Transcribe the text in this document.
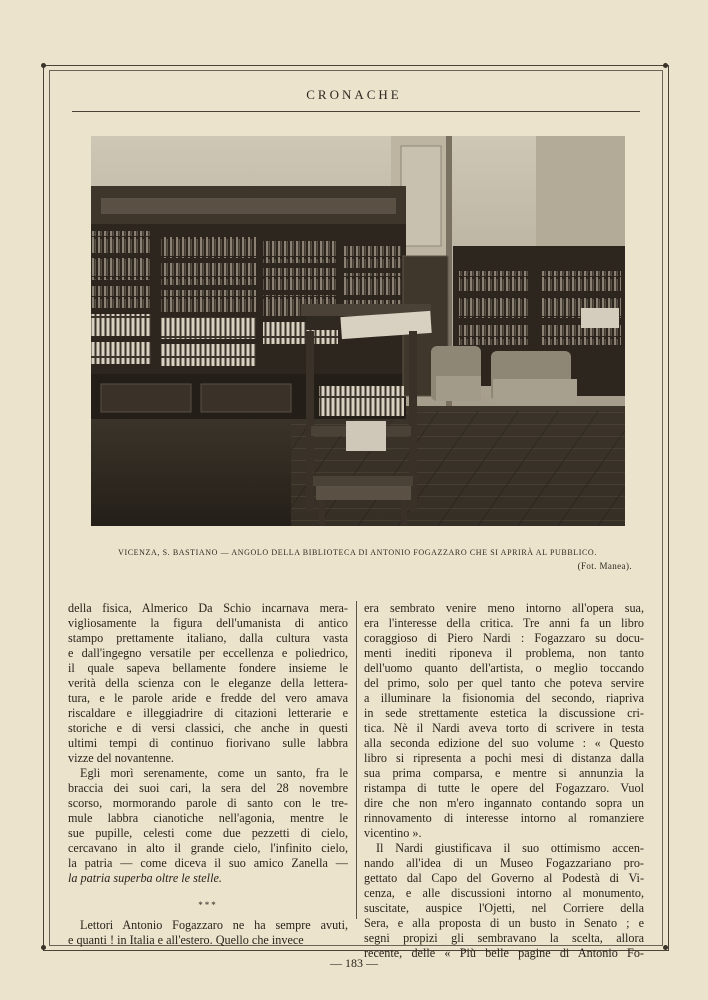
CRONACHE
VICENZA, S. BASTIANO — ANGOLO DELLA BIBLIOTECA DI ANTONIO FOGAZZARO CHE SI APRIRÀ AL PUBBLICO.
(Fot. Manea).
della fisica, Almerico Da Schio incarnava mera-
vigliosamente la figura dell'umanista di antico
stampo prettamente italiano, dalla cultura vasta
e dall'ingegno versatile per eccellenza e poliedrico,
il quale sapeva bellamente fondere insieme le
verità della scienza con le eleganze della lettera-
tura, e le parole aride e fredde del vero amava
riscaldare e illeggiadrire di citazioni letterarie e
storiche e di versi classici, che anche in questi
ultimi tempi di continuo fiorivano sulle labbra
vizze del novantenne.
Egli morì serenamente, come un santo, fra le
braccia dei suoi cari, la sera del 28 novembre
scorso, mormorando parole di santo con le tre-
mule labbra cianotiche nell'agonia, mentre le
sue pupille, celesti come due pezzetti di cielo,
cercavano in alto il grande cielo, l'infinito cielo,
la patria — come diceva il suo amico Zanella —
la patria superba oltre le stelle.
***
Lettori Antonio Fogazzaro ne ha sempre avuti,
e quanti ! in Italia e all'estero. Quello che invece
era sembrato venire meno intorno all'opera sua,
era l'interesse della critica. Tre anni fa un libro
coraggioso di Piero Nardi : Fogazzaro su docu-
menti inediti riponeva il problema, non tanto
dell'uomo quanto dell'artista, o meglio toccando
del primo, solo per quel tanto che poteva servire
a illuminare la fisionomia del secondo, riapriva
in sede strettamente estetica la discussione cri-
tica. Nè il Nardi aveva torto di scrivere in testa
alla seconda edizione del suo volume : « Questo
libro si ripresenta a pochi mesi di distanza dalla
sua prima comparsa, e mentre si annunzia la
ristampa di tutte le opere del Fogazzaro. Vuol
dire che non m'ero ingannato contando sopra un
rinnovamento di interesse intorno al romanziere
vicentino ».
Il Nardi giustificava il suo ottimismo accen-
nando all'idea di un Museo Fogazzariano pro-
gettato dal Capo del Governo al Podestà di Vi-
cenza, e alle discussioni intorno al monumento,
suscitate, auspice l'Ojetti, nel Corriere della
Sera, e alla proposta di un busto in Senato ; e
segni propizi gli sembravano la scelta, allora
recente, delle « Più belle pagine di Antonio Fo-
— 183 —
